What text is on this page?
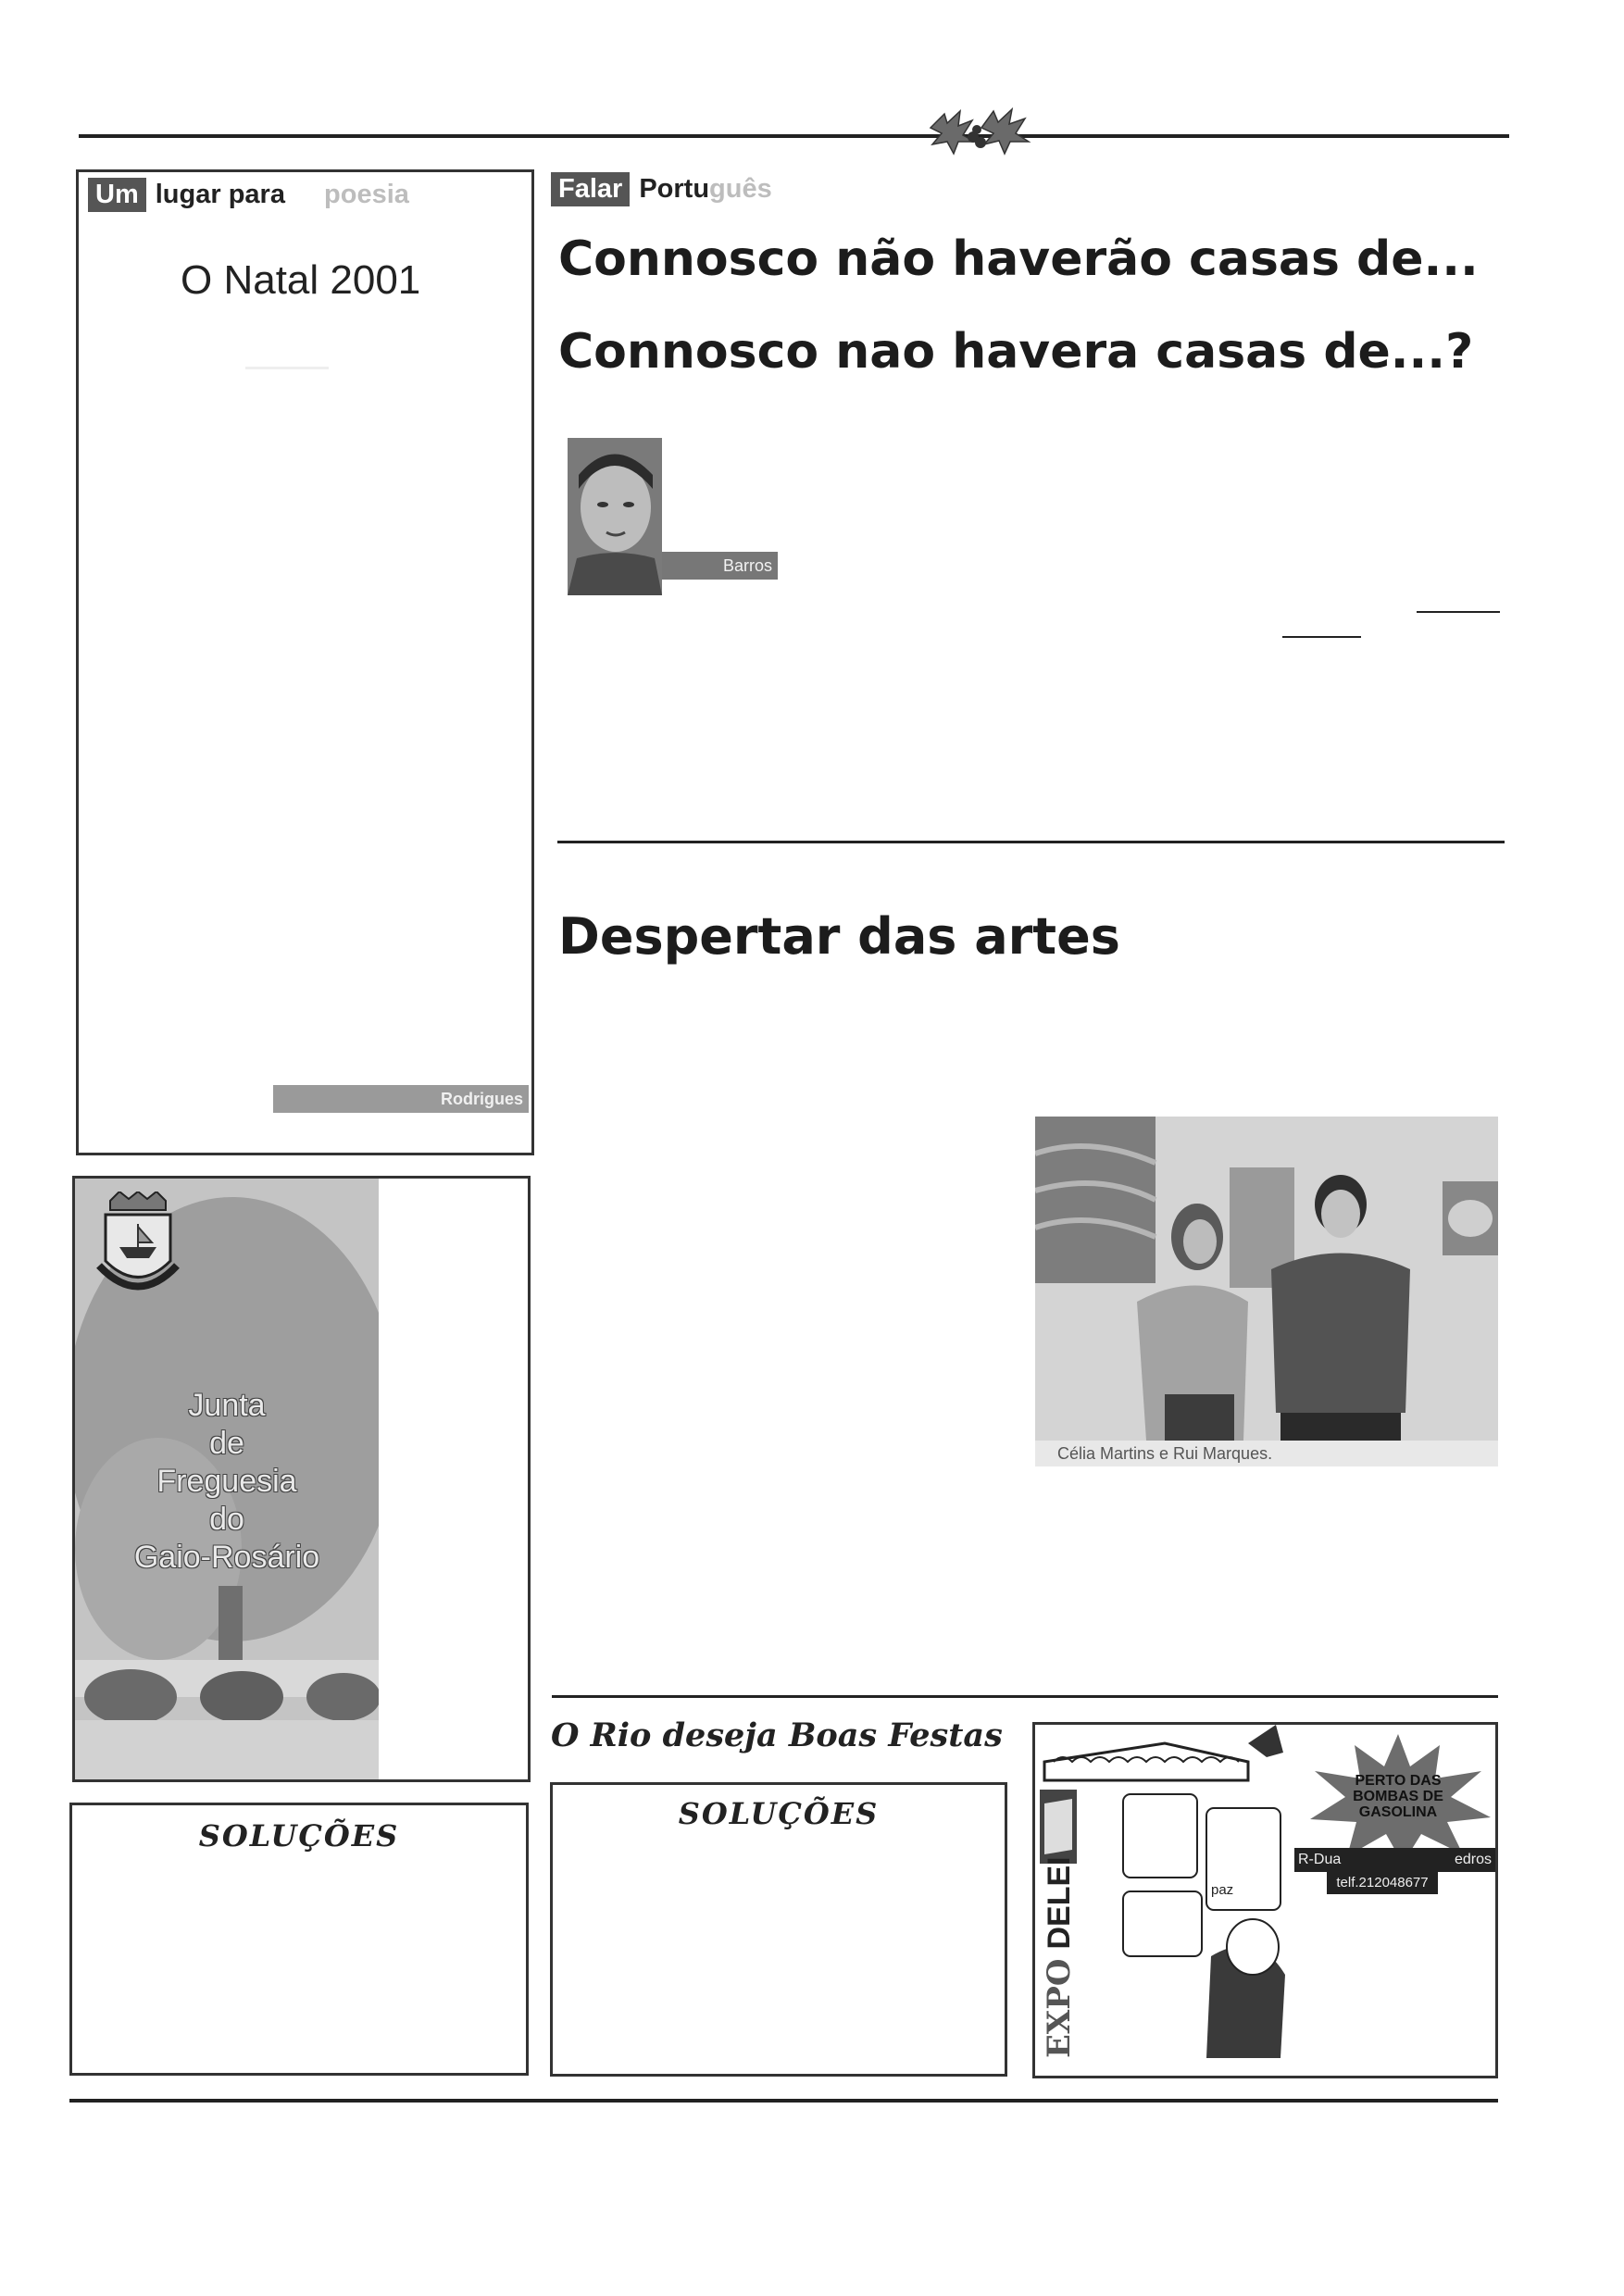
Um lugar para poesia
O Natal 2001
Rodrigues
Falar Português
Connosco não haverão casas de...
Connosco nao havera casas de...?
Barros
Despertar das artes
Célia Martins e Rui Marques.
Junta
de
Freguesia
do
Gaio-Rosário
SOLUÇÕES
O Rio deseja Boas Festas
SOLUÇÕES
paz
EXPODELEI
PERTO DAS BOMBAS DE GASOLINA
R-Dua	edros
telf.212048677
